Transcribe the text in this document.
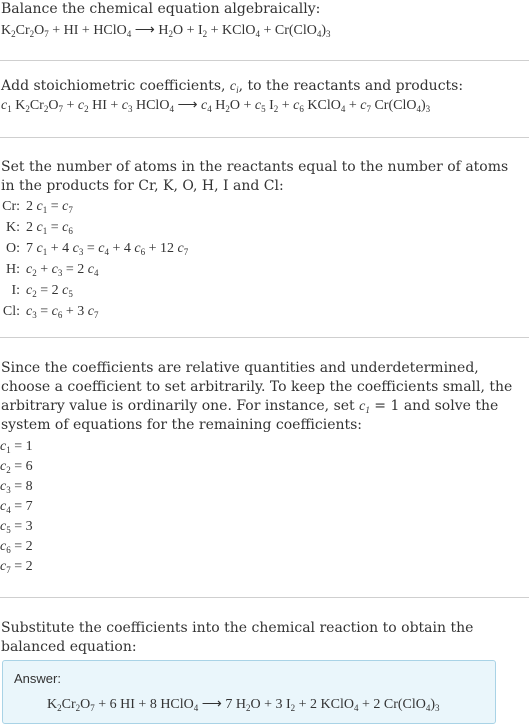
Balance the chemical equation algebraically:

$K_2Cr_2O_7$ + HI + HClO$_4$ ⟶ $H_2O + I_2$ + KClO$_4$ + $Cr(ClO_4)_3$

Add stoichiometric coefficients, $c_i$, to the reactants and products:

$c_1$ $K_2Cr_2O_7 + c_2$ HI + $c_3$ HClO$_4$ ⟶ $c_4$ $H_2O + c_5$ $I_2 + c_6$ KClO$_4$ + $c_7$ $Cr(ClO_4)_3$

Set the number of atoms in the reactants equal to the number of atoms in the products for Cr, K, O, H, I and Cl:

Cr:	2 $c_1 = c_7$
K:	2 $c_1 = c_6$
O:	7 $c_1 + 4$ $c_3 = c_4 + 4$ $c_6 + 12$ $c_7$
H:	$c_2 + c_3 = 2$ $c_4$
I:	$c_2 = 2$ $c_5$
Cl:	$c_3 = c_6 + 3$ $c_7$

Since the coefficients are relative quantities and underdetermined, choose a coefficient to set arbitrarily. To keep the coefficients small, the arbitrary value is ordinarily one. For instance, set $c_1 = 1$ and solve the system of equations for the remaining coefficients:

$c_1 = 1$
$c_2 = 6$
$c_3 = 8$
$c_4 = 7$
$c_5 = 3$
$c_6 = 2$
$c_7 = 2$

Substitute the coefficients into the chemical reaction to obtain the balanced equation:

Answer:
$K_2Cr_2O_7 + 6$ HI + 8 HClO$_4$ ⟶ 7 $H_2O + 3$ $I_2 + 2$ KClO$_4$ + 2 $Cr(ClO_4)_3$
